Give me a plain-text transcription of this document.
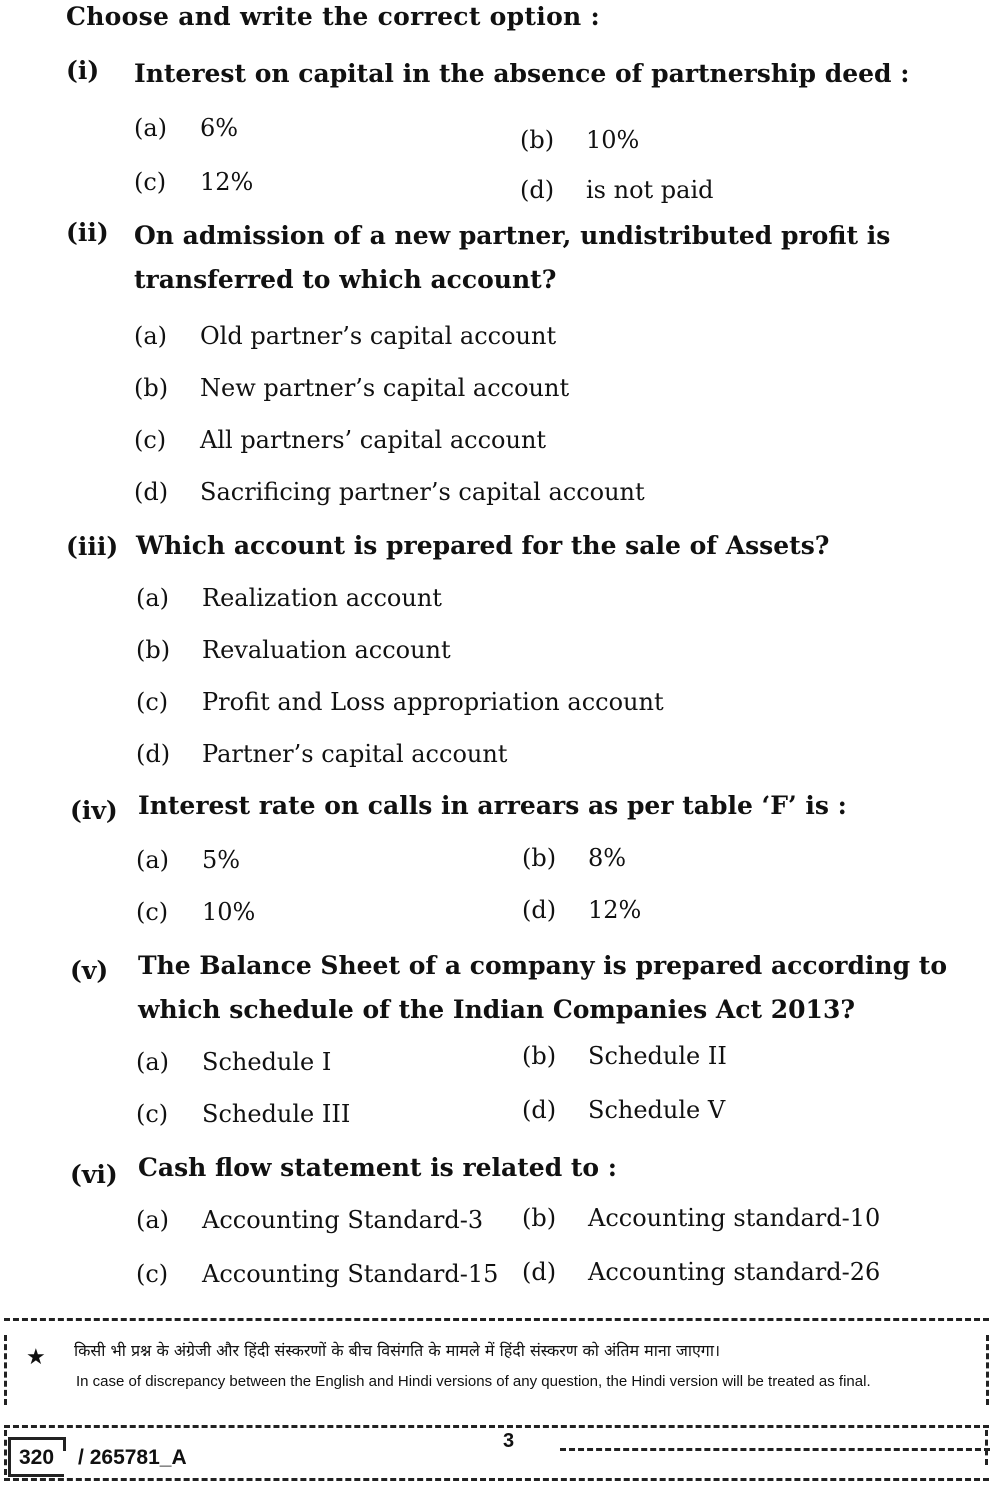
Choose and write the correct option :
(i) Interest on capital in the absence of partnership deed :
(a) 6%	(b) 10%
(c) 12%	(d) is not paid
(ii) On admission of a new partner, undistributed profit is transferred to which account?
(a) Old partner’s capital account
(b) New partner’s capital account
(c) All partners’ capital account
(d) Sacrificing partner’s capital account
(iii) Which account is prepared for the sale of Assets?
(a) Realization account
(b) Revaluation account
(c) Profit and Loss appropriation account
(d) Partner’s capital account
(iv) Interest rate on calls in arrears as per table ‘F’ is :
(a) 5%	(b) 8%
(c) 10%	(d) 12%
(v) The Balance Sheet of a company is prepared according to which schedule of the Indian Companies Act 2013?
(a) Schedule I	(b) Schedule II
(c) Schedule III	(d) Schedule V
(vi) Cash flow statement is related to :
(a) Accounting Standard-3 (b) Accounting standard-10
(c) Accounting Standard-15 (d) Accounting standard-26
★ किसी भी प्रश्न के अंग्रेजी और हिंदी संस्करणों के बीच विसंगति के मामले में हिंदी संस्करण को अंतिम माना जाएगा।
In case of discrepancy between the English and Hindi versions of any question, the Hindi version will be treated as final.
320 / 265781_A
3
